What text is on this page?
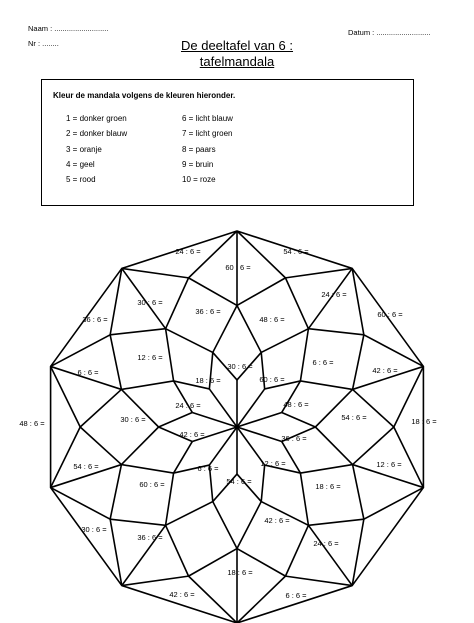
Naam : ..........................
Nr : ........
Datum : ..........................
De deeltafel van 6 :
tafelmandala
Kleur de mandala volgens de kleuren hieronder.
1 = donker groen
2 = donker blauw
3 = oranje
4 = geel
5 = rood
6 = licht blauw
7 = licht groen
8 = paars
9 = bruin
10 = roze
24 : 6 =
60 : 6 =
54 : 6 =
24 : 6 =
30 : 6 =
36 : 6 =
48 : 6 =
36 : 6 =
60 : 6 =
12 : 6 =
6 : 6 =
30 : 6 =
6 : 6 =	42 : 6 =
18 : 6 =	60 : 6 =
24 : 6 =	48 : 6 =
30 : 6 =	54 : 6 =
48 : 6 =	18 : 6 =
42 : 6 =	36 : 6 =
54 : 6 =	6 : 6 =
12 : 6 =	12 : 6 =
54 : 6 =
60 : 6 =	18 : 6 =
30 : 6 =
36 : 6 =
42 : 6 =
24 : 6 =
18 : 6 =
42 : 6 =	6 : 6 =
